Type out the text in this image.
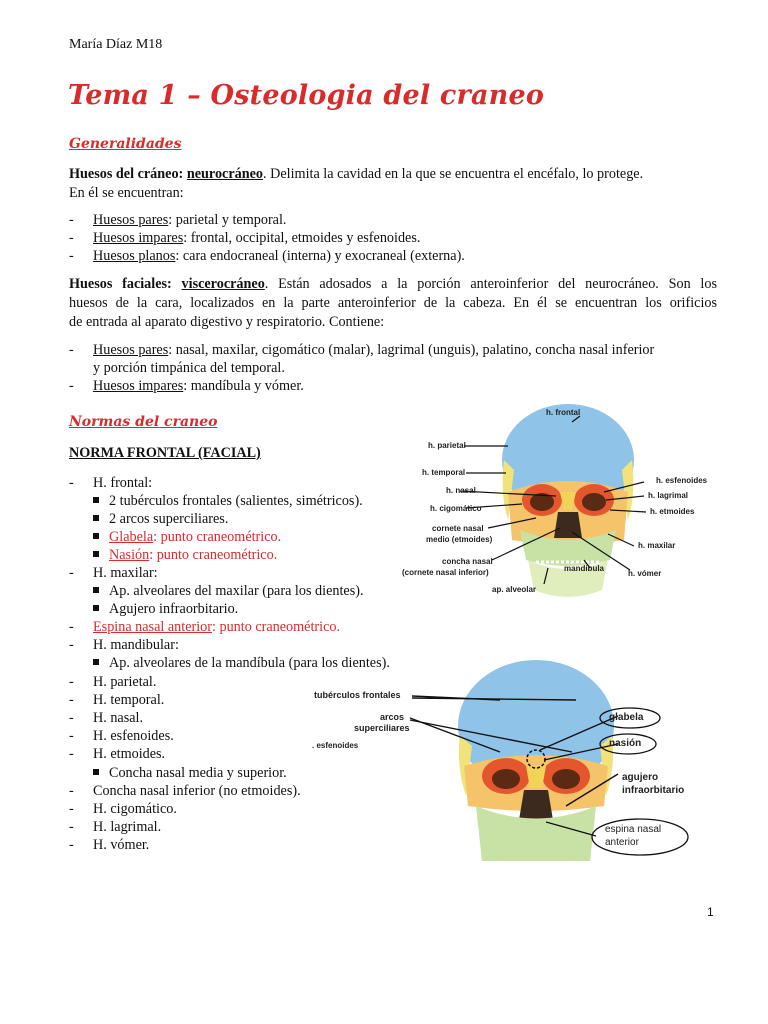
María Díaz M18
Tema 1 – Osteologia del craneo
Generalidades
Huesos del cráneo: neurocráneo. Delimita la cavidad en la que se encuentra el encéfalo, lo protege.
En él se encuentran:
- Huesos pares: parietal y temporal.
- Huesos impares: frontal, occipital, etmoides y esfenoides.
- Huesos planos: cara endocraneal (interna) y exocraneal (externa).
Huesos faciales: viscerocráneo. Están adosados a la porción anteroinferior del neurocráneo. Son los
huesos de la cara, localizados en la parte anteroinferior de la cabeza. En él se encuentran los orificios
de entrada al aparato digestivo y respiratorio. Contiene:
- Huesos pares: nasal, maxilar, cigomático (malar), lagrimal (unguis), palatino, concha nasal inferior
y porción timpánica del temporal.
- Huesos impares: mandíbula y vómer.
Normas del craneo
NORMA FRONTAL (FACIAL)
- H. frontal:
2 tubérculos frontales (salientes, simétricos).
2 arcos superciliares.
Glabela: punto craneométrico.
Nasión: punto craneométrico.
- H. maxilar:
Ap. alveolares del maxilar (para los dientes).
Agujero infraorbitario.
- Espina nasal anterior: punto craneométrico.
- H. mandibular:
Ap. alveolares de la mandíbula (para los dientes).
- H. parietal.
- H. temporal.
- H. nasal.
- H. esfenoides.
- H. etmoides.
Concha nasal media y superior.
- Concha nasal inferior (no etmoides).
- H. cigomático.
- H. lagrimal.
- H. vómer.
h. frontal
h. parietal
h. temporal
h. nasal
h. cigomático
cornete nasal
medio (etmoides)
concha nasal
(cornete nasal inferior)
ap. alveolar
mandíbula
h. esfenoides
h. lagrimal
h. etmoides
h. maxilar
h. vómer
tubérculos frontales
arcos
superciliares
. esfenoides
glabela
nasión
agujero
infraorbitario
espina nasal
anterior
1
